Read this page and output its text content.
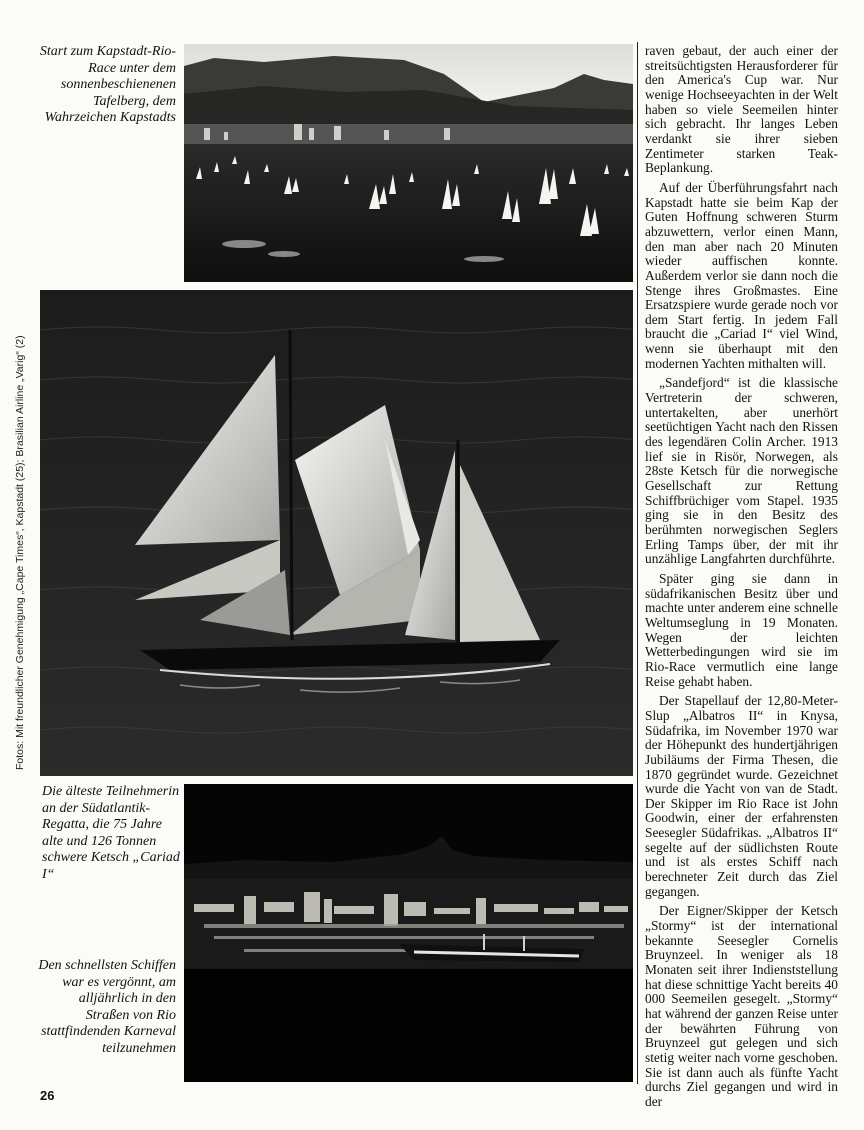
Start zum Kapstadt-Rio-Race unter dem sonnenbeschienenen Tafelberg, dem Wahrzeichen Kapstadts
Die älteste Teilnehmerin an der Südatlantik-Regatta, die 75 Jahre alte und 126 Tonnen schwere Ketsch „Cariad I“
Den schnellsten Schiffen war es vergönnt, am alljährlich in den Straßen von Rio stattfindenden Karneval teilzunehmen
Fotos: Mit freundlicher Genehmigung „Cape Times“, Kapstadt (25); Brasilian Airline „Varig“ (2)

raven gebaut, der auch einer der streitsüchtigsten Herausforderer für den America's Cup war. Nur wenige Hochseeyachten in der Welt haben so viele Seemeilen hinter sich gebracht. Ihr langes Leben verdankt sie ihrer sieben Zentimeter starken Teak-Beplankung.

Auf der Überführungsfahrt nach Kapstadt hatte sie beim Kap der Guten Hoffnung schweren Sturm abzuwettern, verlor einen Mann, den man aber nach 20 Minuten wieder auffischen konnte. Außerdem verlor sie dann noch die Stenge ihres Großmastes. Eine Ersatzspiere wurde gerade noch vor dem Start fertig. In jedem Fall braucht die „Cariad I“ viel Wind, wenn sie überhaupt mit den modernen Yachten mithalten will.

„Sandefjord“ ist die klassische Vertreterin der schweren, untertakelten, aber unerhört seetüchtigen Yacht nach den Rissen des legendären Colin Archer. 1913 lief sie in Risör, Norwegen, als 28ste Ketsch für die norwegische Gesellschaft zur Rettung Schiffbrüchiger vom Stapel. 1935 ging sie in den Besitz des berühmten norwegischen Seglers Erling Tamps über, der mit ihr unzählige Langfahrten durchführte.

Später ging sie dann in südafrikanischen Besitz über und machte unter anderem eine schnelle Weltumseglung in 19 Monaten. Wegen der leichten Wetterbedingungen wird sie im Rio-Race vermutlich eine lange Reise gehabt haben.

Der Stapellauf der 12,80-Meter-Slup „Albatros II“ in Knysa, Südafrika, im November 1970 war der Höhepunkt des hundertjährigen Jubiläums der Firma Thesen, die 1870 gegründet wurde. Gezeichnet wurde die Yacht von van de Stadt. Der Skipper im Rio Race ist John Goodwin, einer der erfahrensten Seesegler Südafrikas. „Albatros II“ segelte auf der südlichsten Route und ist als erstes Schiff nach berechneter Zeit durch das Ziel gegangen.

Der Eigner/Skipper der Ketsch „Stormy“ ist der international bekannte Seesegler Cornelis Bruynzeel. In weniger als 18 Monaten seit ihrer Indienststellung hat diese schnittige Yacht bereits 40 000 Seemeilen gesegelt. „Stormy“ hat während der ganzen Reise unter der bewährten Führung von Bruynzeel gut gelegen und sich stetig weiter nach vorne geschoben. Sie ist dann auch als fünfte Yacht durchs Ziel gegangen und wird in der

26
